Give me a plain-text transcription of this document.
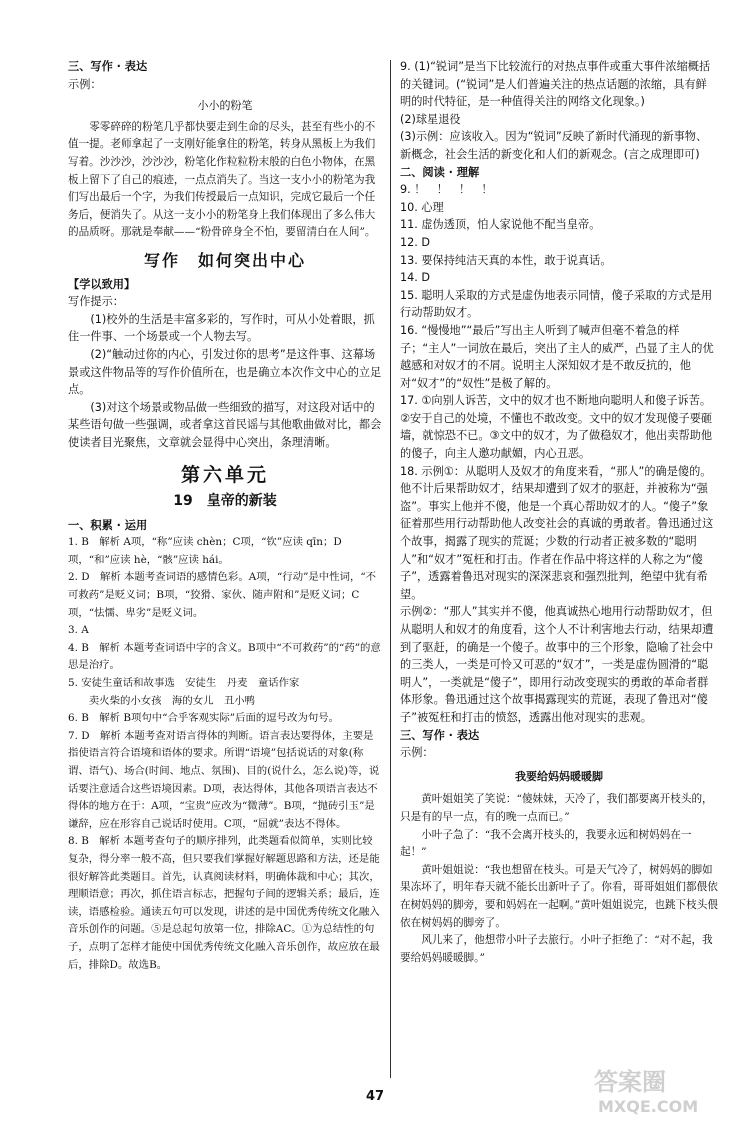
三、写作 · 表达

示例：

小小的粉笔

零零碎碎的粉笔几乎都快要走到生命的尽头，甚至有些小的不值一提。老师拿起了一支刚好能拿住的粉笔，转身从黑板上为我们写着。沙沙沙，沙沙沙，粉笔化作粒粒粉末般的白色小物体，在黑板上留下了自己的痕迹，一点点消失了。当这一支小小的粉笔为我们写出最后一个字，为我们传授最后一点知识，完成它最后一个任务后，便消失了。从这一支小小的粉笔身上我们体现出了多么伟大的品质呀。那就是奉献——“粉骨碎身全不怕，要留清白在人间”。

写作　如何突出中心

【学以致用】

写作提示：

(1)校外的生活是丰富多彩的，写作时，可从小处着眼，抓住一件事、一个场景或一个人物去写。

(2)“触动过你的内心，引发过你的思考”是这件事、这幕场景或这件物品等的写作价值所在，也是确立本次作文中心的立足点。

(3)对这个场景或物品做一些细致的描写，对这段对话中的某些语句做一些强调，或者拿这首民谣与其他歌曲做对比，都会使读者目光聚焦，文章就会显得中心突出，条理清晰。

第六单元

19　皇帝的新装

一、积累 · 运用

1. B　解析 A项，“称”应读 chèn；C项，“钦”应读 qīn；D项，“和”应读 hè，“骸”应读 hái。

2. D　解析 本题考查词语的感情色彩。A项，“行动”是中性词，“不可救药”是贬义词；B项，“狡猾、家伙、随声附和”是贬义词；C项，“怯懦、卑劣”是贬义词。

3. A

4. B　解析 本题考查词语中字的含义。B项中“不可救药”的“药”的意思是治疗。

5. 安徒生童话和故事选　安徒生　丹麦　童话作家

卖火柴的小女孩　海的女儿　丑小鸭

6. B　解析 B项句中“合乎客观实际”后面的逗号改为句号。

7. D　解析 本题考查对语言得体的判断。语言表达要得体，主要是指使语言符合语境和语体的要求。所谓“语境”包括说话的对象(称谓、语气)、场合(时间、地点、氛围)、目的(说什么，怎么说)等，说话要注意适合这些语境因素。D项，表达得体，其他各项语言表达不得体的地方在于：A项，“宝贵”应改为“微薄”。B项，“抛砖引玉”是谦辞，应在形容自己说话时使用。C项，“屈就”表达不得体。

8. B　解析 本题考查句子的顺序排列，此类题看似简单，实则比较复杂，得分率一般不高，但只要我们掌握好解题思路和方法，还是能很好解答此类题目。首先，认真阅读材料，明确体裁和中心；其次，理顺语意；再次，抓住语言标志，把握句子间的逻辑关系；最后，连读，语感检验。通读五句可以发现，讲述的是中国优秀传统文化融入音乐创作的问题。⑤是总起句放第一位，排除AC。①为总结性的句子，点明了怎样才能使中国优秀传统文化融入音乐创作，故应放在最后，排除D。故选B。

9. (1)“锐词”是当下比较流行的对热点事件或重大事件浓缩概括的关键词。(“锐词”是人们普遍关注的热点话题的浓缩，具有鲜明的时代特征，是一种值得关注的网络文化现象。)

(2)球星退役

(3)示例：应该收入。因为“锐词”反映了新时代涌现的新事物、新概念，社会生活的新变化和人们的新观念。(言之成理即可)

二、阅读 · 理解

9. ！　！　！　！

10. 心理

11. 虚伪透顶，怕人家说他不配当皇帝。

12. D

13. 要保持纯洁天真的本性，敢于说真话。

14. D

15. 聪明人采取的方式是虚伪地表示同情，傻子采取的方式是用行动帮助奴才。

16. “慢慢地”“最后”写出主人听到了喊声但毫不着急的样子；“主人”一词放在最后，突出了主人的威严，凸显了主人的优越感和对奴才的不屑。说明主人深知奴才是不敢反抗的，他对“奴才”的“奴性”是极了解的。

17. ①向别人诉苦，文中的奴才也不断地向聪明人和傻子诉苦。②安于自己的处境，不懂也不敢改变。文中的奴才发现傻子要砸墙，就惊恐不已。③文中的奴才，为了做稳奴才，他出卖帮助他的傻子，向主人邀功献媚，内心丑恶。

18. 示例①：从聪明人及奴才的角度来看，“那人”的确是傻的。他不计后果帮助奴才，结果却遭到了奴才的驱赶，并被称为“强盗”。事实上他并不傻，他是一个真心帮助奴才的人。“傻子”象征着那些用行动帮助他人改变社会的真诚的勇敢者。鲁迅通过这个故事，揭露了现实的荒诞；少数的行动者正被多数的“聪明人”和“奴才”冤枉和打击。作者在作品中将这样的人称之为“傻子”，透露着鲁迅对现实的深深悲哀和强烈批判，绝望中犹有希望。

示例②：“那人”其实并不傻，他真诚热心地用行动帮助奴才，但从聪明人和奴才的角度看，这个人不计利害地去行动，结果却遭到了驱赶，的确是一个傻子。故事中的三个形象，隐喻了社会中的三类人，一类是可怜又可恶的“奴才”，一类是虚伪圆滑的“聪明人”，一类就是“傻子”，即用行动改变现实的勇敢的革命者群体形象。鲁迅通过这个故事揭露现实的荒诞，表现了鲁迅对“傻子”被冤枉和打击的愤怒，透露出他对现实的悲观。

三、写作 · 表达

示例：

我要给妈妈暖暖脚

黄叶姐姐笑了笑说：“傻妹妹，天冷了，我们都要离开枝头的，只是有的早一点，有的晚一点而已。”

小叶子急了：“我不会离开枝头的，我要永远和树妈妈在一起！”

黄叶姐姐说：“我也想留在枝头。可是天气冷了，树妈妈的脚如果冻坏了，明年春天就不能长出新叶子了。你看，哥哥姐姐们都偎依在树妈妈的脚旁，要和妈妈在一起啊。”黄叶姐姐说完，也跳下枝头偎依在树妈妈的脚旁了。

风儿来了，他想带小叶子去旅行。小叶子拒绝了：“对不起，我要给妈妈暖暖脚。”

47
答案圈
MXQE.COM
